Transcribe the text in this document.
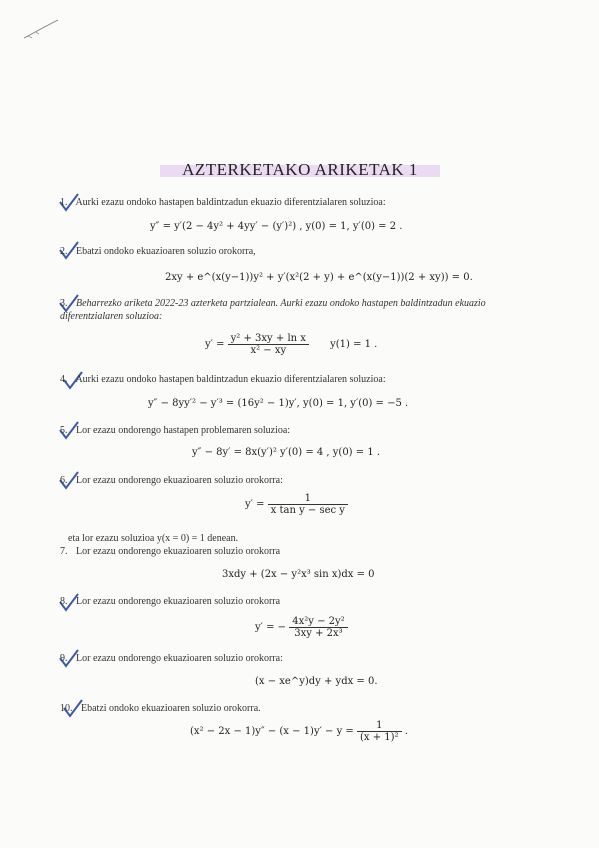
AZTERKETAKO ARIKETAK 1
1. Aurki ezazu ondoko hastapen baldintzadun ekuazio diferentzialaren soluzioa:
y″ = y′(2 − 4y² + 4yy′ − (y′)²) , y(0) = 1, y′(0) = 2 .
2. Ebatzi ondoko ekuazioaren soluzio orokorra,
2xy + e^(x(y−1))y² + y′(x²(2 + y) + e^(x(y−1))(2 + xy)) = 0.
3. Beharrezko ariketa 2022-23 azterketa partzialean. Aurki ezazu ondoko hastapen baldintzadun ekuazio diferentzialaren soluzioa:
$y' = \frac{\text{y² + 3xy + ln x}}{\text{x² − xy}} y(1) = 1$ .
4. Aurki ezazu ondoko hastapen baldintzadun ekuazio diferentzialaren soluzioa:
y″ − 8yy′² − y′³ = (16y² − 1)y′, y(0) = 1, y′(0) = −5 .
5. Lor ezazu ondorengo hastapen problemaren soluzioa:
y″ − 8y′ = 8x(y′)² y′(0) = 4 , y(0) = 1 .
6. Lor ezazu ondorengo ekuazioaren soluzio orokorra:
$y' = \frac{1}{\text{x tan y − sec y}}$
eta lor ezazu soluzioa y(x = 0) = 1 denean.
7. Lor ezazu ondorengo ekuazioaren soluzio orokorra
3xdy + (2x − y²x³ sin x)dx = 0
8. Lor ezazu ondorengo ekuazioaren soluzio orokorra
y′ = − $\frac{\text{4x²y − 2y²}}{\text{3xy + 2x³}}$
9. Lor ezazu ondorengo ekuazioaren soluzio orokorra:
(x − xe^y)dy + ydx = 0.
10. Ebatzi ondoko ekuazioaren soluzio orokorra.
$(x^2 - 2x - 1)y'' - (x - 1)y' - y = \frac{1}{\text{(x + 1)²}}$ .
